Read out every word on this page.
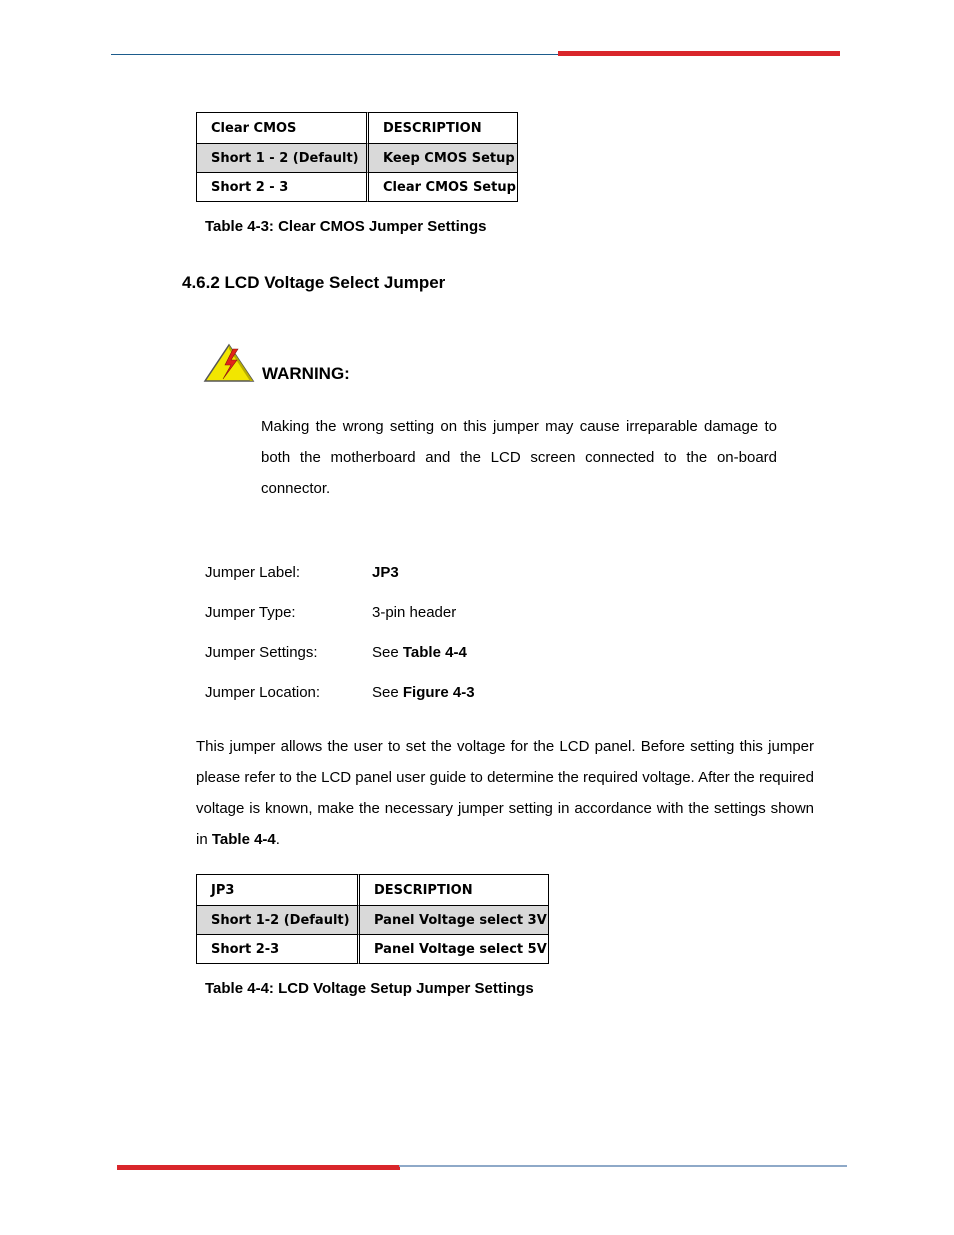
Clear CMOS	DESCRIPTION
Short 1 - 2 (Default)	Keep CMOS Setup
Short 2 - 3	Clear CMOS Setup
Table 4-3: Clear CMOS Jumper Settings
4.6.2 LCD Voltage Select Jumper
WARNING:
Making the wrong setting on this jumper may cause irreparable damage to both the motherboard and the LCD screen connected to the on-board connector.
Jumper Label:	JP3
Jumper Type:	3-pin header
Jumper Settings:	See Table 4-4
Jumper Location:	See Figure 4-3
This jumper allows the user to set the voltage for the LCD panel. Before setting this jumper please refer to the LCD panel user guide to determine the required voltage. After the required voltage is known, make the necessary jumper setting in accordance with the settings shown in Table 4-4.
JP3	DESCRIPTION
Short 1-2 (Default)	Panel Voltage select 3V
Short 2-3	Panel Voltage select 5V
Table 4-4: LCD Voltage Setup Jumper Settings
